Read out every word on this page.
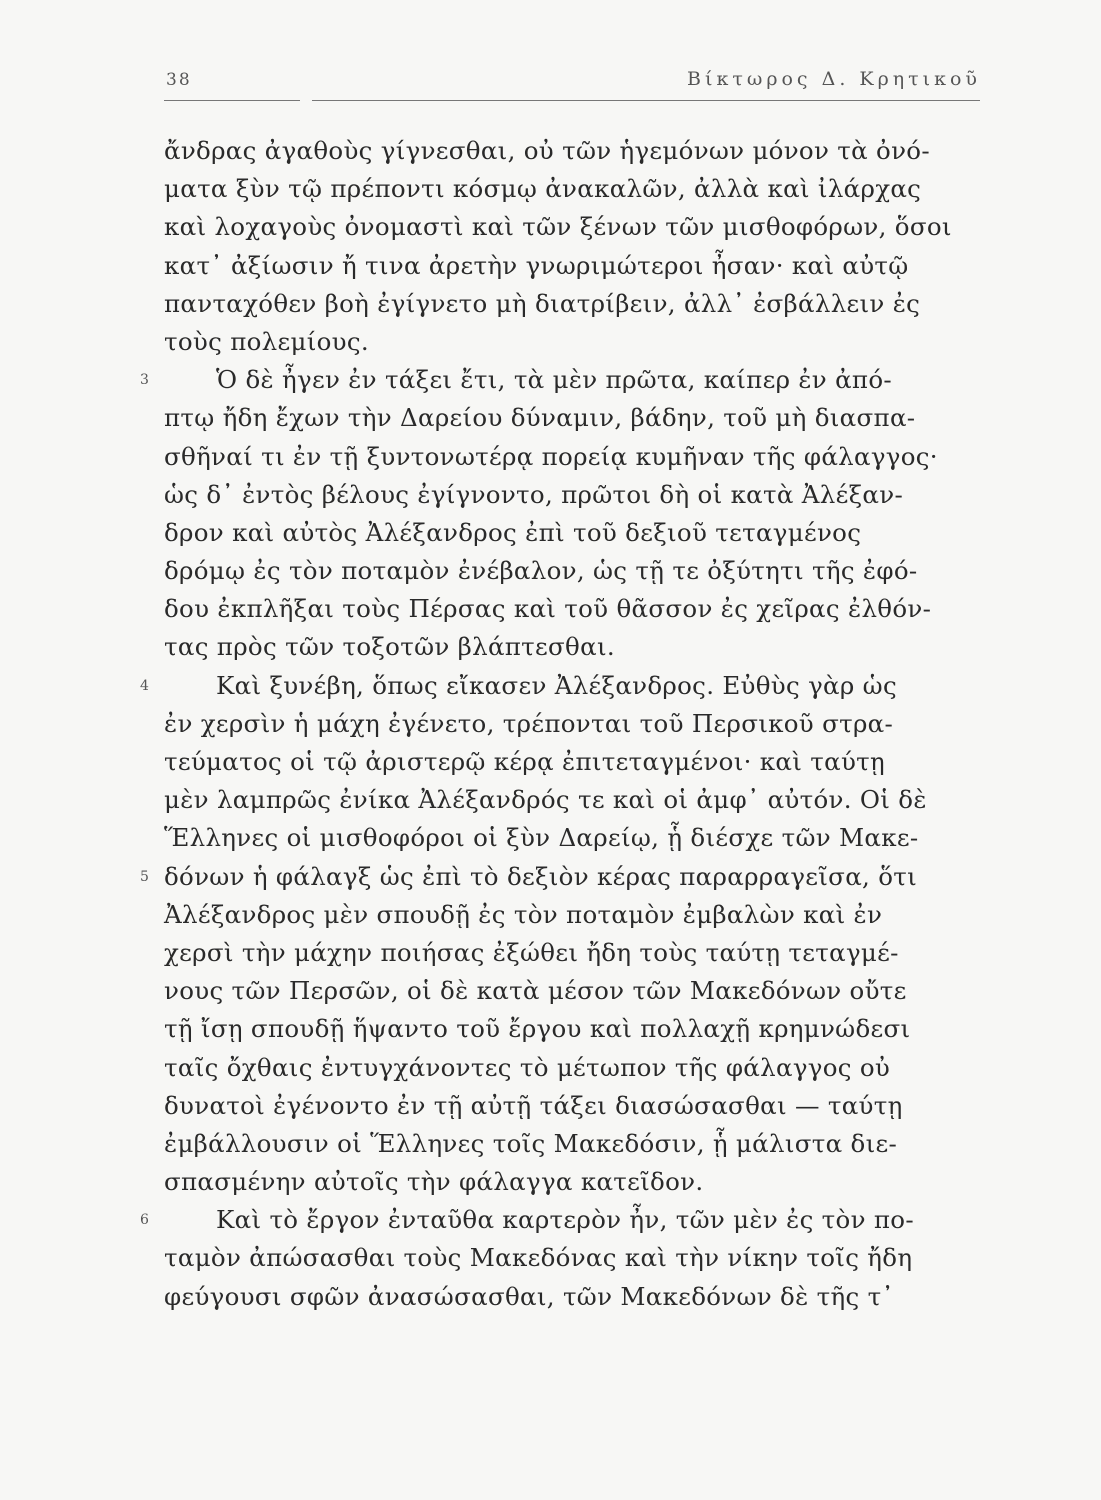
38	Βίκτωρος Δ. Κρητικοῦ
ἄνδρας ἀγαθοὺς γίγνεσθαι, οὐ τῶν ἡγεμόνων μόνον τὰ ὀνό-
ματα ξὺν τῷ πρέποντι κόσμῳ ἀνακαλῶν, ἀλλὰ καὶ ἰλάρχας
καὶ λοχαγοὺς ὀνομαστὶ καὶ τῶν ξένων τῶν μισθοφόρων, ὅσοι
κατ᾽ ἀξίωσιν ἤ τινα ἀρετὴν γνωριμώτεροι ἦσαν· καὶ αὐτῷ
πανταχόθεν βοὴ ἐγίγνετο μὴ διατρίβειν, ἀλλ᾽ ἐσβάλλειν ἐς
τοὺς πολεμίους.
3	Ὁ δὲ ἦγεν ἐν τάξει ἔτι, τὰ μὲν πρῶτα, καίπερ ἐν ἀπό-
πτῳ ἤδη ἔχων τὴν Δαρείου δύναμιν, βάδην, τοῦ μὴ διασπα-
σθῆναί τι ἐν τῇ ξυντονωτέρᾳ πορείᾳ κυμῆναν τῆς φάλαγγος·
ὡς δ᾽ ἐντὸς βέλους ἐγίγνοντο, πρῶτοι δὴ οἱ κατὰ Ἀλέξαν-
δρον καὶ αὐτὸς Ἀλέξανδρος ἐπὶ τοῦ δεξιοῦ τεταγμένος
δρόμῳ ἐς τὸν ποταμὸν ἐνέβαλον, ὡς τῇ τε ὀξύτητι τῆς ἐφό-
δου ἐκπλῆξαι τοὺς Πέρσας καὶ τοῦ θᾶσσον ἐς χεῖρας ἐλθόν-
τας πρὸς τῶν τοξοτῶν βλάπτεσθαι.
4	Καὶ ξυνέβη, ὅπως εἴκασεν Ἀλέξανδρος. Εὐθὺς γὰρ ὡς
ἐν χερσὶν ἡ μάχη ἐγένετο, τρέπονται τοῦ Περσικοῦ στρα-
τεύματος οἱ τῷ ἀριστερῷ κέρᾳ ἐπιτεταγμένοι· καὶ ταύτῃ
μὲν λαμπρῶς ἐνίκα Ἀλέξανδρός τε καὶ οἱ ἀμφ᾽ αὐτόν. Οἱ δὲ
Ἕλληνες οἱ μισθοφόροι οἱ ξὺν Δαρείῳ, ᾗ διέσχε τῶν Μακε-
5 δόνων ἡ φάλαγξ ὡς ἐπὶ τὸ δεξιὸν κέρας παραρραγεῖσα, ὅτι
Ἀλέξανδρος μὲν σπουδῇ ἐς τὸν ποταμὸν ἐμβαλὼν καὶ ἐν
χερσὶ τὴν μάχην ποιήσας ἐξώθει ἤδη τοὺς ταύτῃ τεταγμέ-
νους τῶν Περσῶν, οἱ δὲ κατὰ μέσον τῶν Μακεδόνων οὔτε
τῇ ἴσῃ σπουδῇ ἥψαντο τοῦ ἔργου καὶ πολλαχῇ κρημνώδεσι
ταῖς ὄχθαις ἐντυγχάνοντες τὸ μέτωπον τῆς φάλαγγος οὐ
δυνατοὶ ἐγένοντο ἐν τῇ αὐτῇ τάξει διασώσασθαι — ταύτῃ
ἐμβάλλουσιν οἱ Ἕλληνες τοῖς Μακεδόσιν, ᾗ μάλιστα διε-
σπασμένην αὐτοῖς τὴν φάλαγγα κατεῖδον.
6	Καὶ τὸ ἔργον ἐνταῦθα καρτερὸν ἦν, τῶν μὲν ἐς τὸν πο-
ταμὸν ἀπώσασθαι τοὺς Μακεδόνας καὶ τὴν νίκην τοῖς ἤδη
φεύγουσι σφῶν ἀνασώσασθαι, τῶν Μακεδόνων δὲ τῆς τ᾽
